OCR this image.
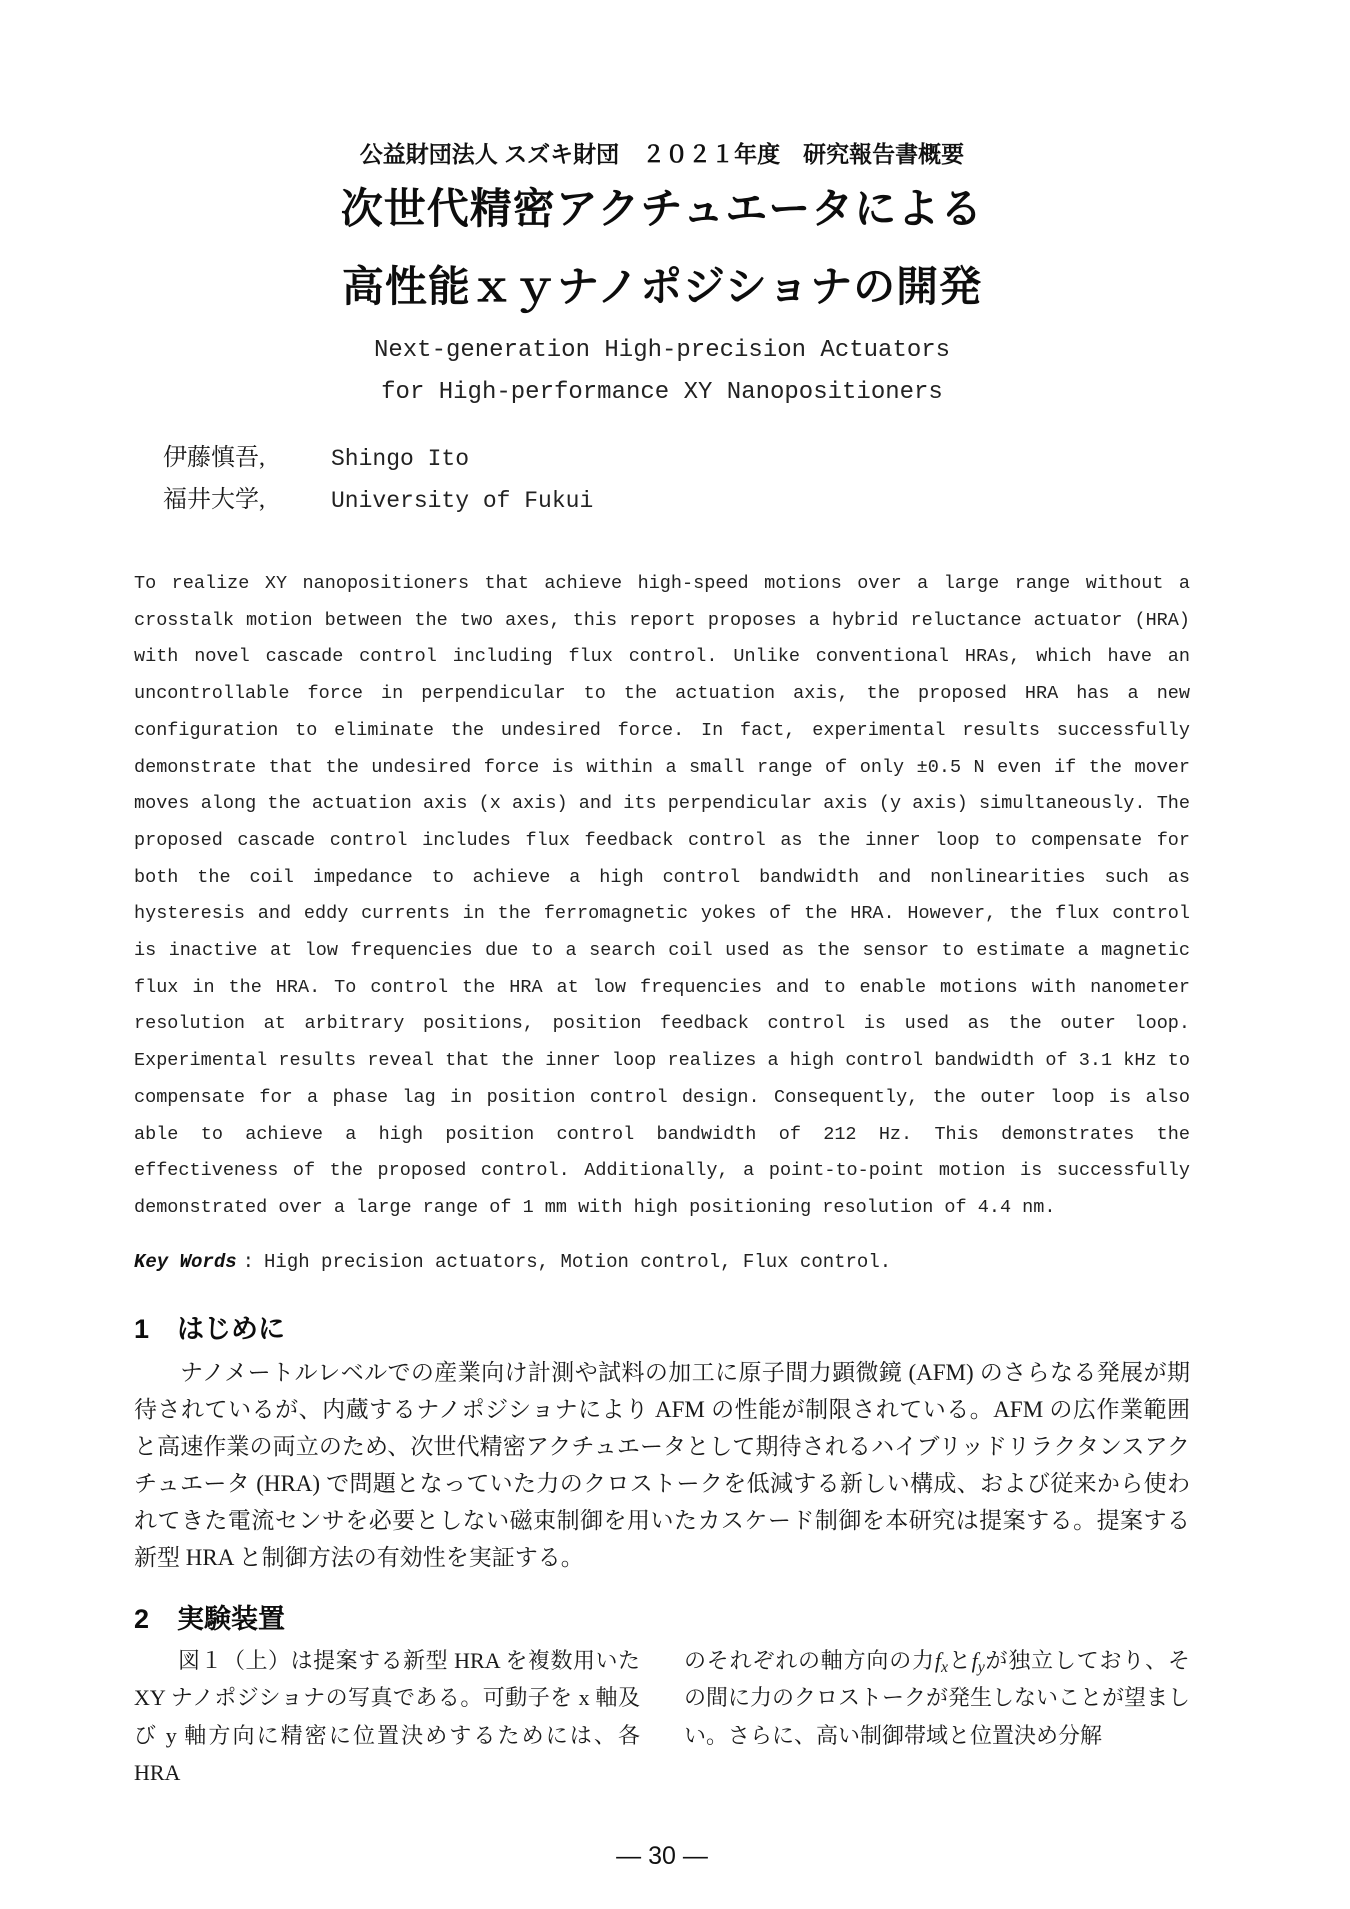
公益財団法人 スズキ財団　２０２１年度　研究報告書概要
次世代精密アクチュエータによる
高性能ｘｙナノポジショナの開発
Next-generation High-precision Actuators
for High-performance XY Nanopositioners
伊藤慎吾,	Shingo Ito
福井大学,	University of Fukui

To realize XY nanopositioners that achieve high-speed motions over a large range without a crosstalk motion between the two axes, this report proposes a hybrid reluctance actuator (HRA) with novel cascade control including flux control. Unlike conventional HRAs, which have an uncontrollable force in perpendicular to the actuation axis, the proposed HRA has a new configuration to eliminate the undesired force. In fact, experimental results successfully demonstrate that the undesired force is within a small range of only ±0.5 N even if the mover moves along the actuation axis (x axis) and its perpendicular axis (y axis) simultaneously. The proposed cascade control includes flux feedback control as the inner loop to compensate for both the coil impedance to achieve a high control bandwidth and nonlinearities such as hysteresis and eddy currents in the ferromagnetic yokes of the HRA. However, the flux control is inactive at low frequencies due to a search coil used as the sensor to estimate a magnetic flux in the HRA. To control the HRA at low frequencies and to enable motions with nanometer resolution at arbitrary positions, position feedback control is used as the outer loop. Experimental results reveal that the inner loop realizes a high control bandwidth of 3.1 kHz to compensate for a phase lag in position control design. Consequently, the outer loop is also able to achieve a high position control bandwidth of 212 Hz. This demonstrates the effectiveness of the proposed control. Additionally, a point-to-point motion is successfully demonstrated over a large range of 1 mm with high positioning resolution of 4.4 nm.

Key Words : High precision actuators, Motion control, Flux control.

1 はじめに

ナノメートルレベルでの産業向け計測や試料の加工に原子間力顕微鏡 (AFM) のさらなる発展が期待されているが、内蔵するナノポジショナにより AFM の性能が制限されている。AFM の広作業範囲と高速作業の両立のため、次世代精密アクチュエータとして期待されるハイブリッドリラクタンスアクチュエータ (HRA) で問題となっていた力のクロストークを低減する新しい構成、および従来から使われてきた電流センサを必要としない磁束制御を用いたカスケード制御を本研究は提案する。提案する新型 HRA と制御方法の有効性を実証する。

2 実験装置

図１（上）は提案する新型 HRA を複数用いた XY ナノポジショナの写真である。可動子を x 軸及び y 軸方向に精密に位置決めするためには、各 HRA

のそれぞれの軸方向の力$f_x$と$f_y$が独立しており、その間に力のクロストークが発生しないことが望ましい。さらに、高い制御帯域と位置決め分解

― 30 ―
